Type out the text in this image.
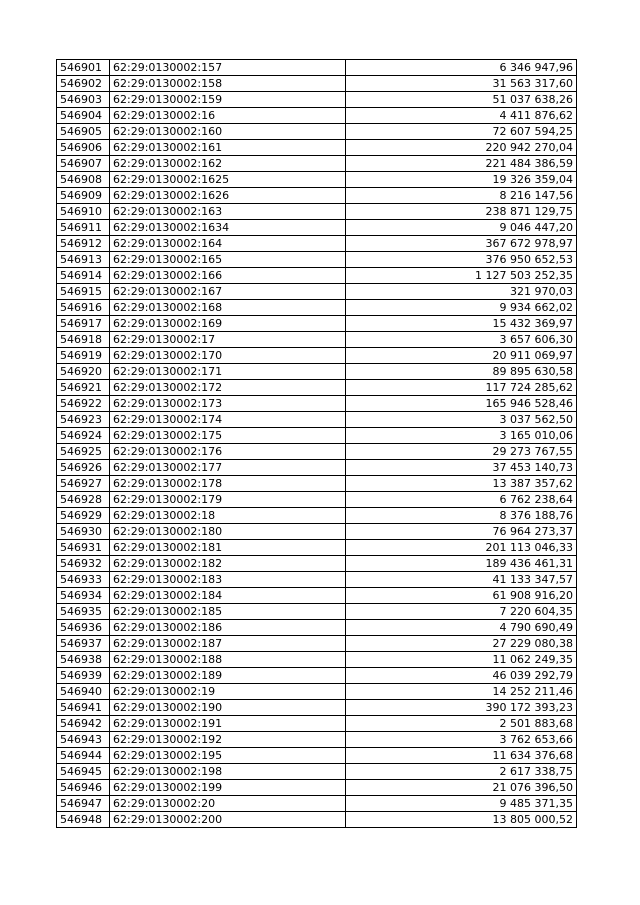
546901	62:29:0130002:157	6 346 947,96
546902	62:29:0130002:158	31 563 317,60
546903	62:29:0130002:159	51 037 638,26
546904	62:29:0130002:16	4 411 876,62
546905	62:29:0130002:160	72 607 594,25
546906	62:29:0130002:161	220 942 270,04
546907	62:29:0130002:162	221 484 386,59
546908	62:29:0130002:1625	19 326 359,04
546909	62:29:0130002:1626	8 216 147,56
546910	62:29:0130002:163	238 871 129,75
546911	62:29:0130002:1634	9 046 447,20
546912	62:29:0130002:164	367 672 978,97
546913	62:29:0130002:165	376 950 652,53
546914	62:29:0130002:166	1 127 503 252,35
546915	62:29:0130002:167	321 970,03
546916	62:29:0130002:168	9 934 662,02
546917	62:29:0130002:169	15 432 369,97
546918	62:29:0130002:17	3 657 606,30
546919	62:29:0130002:170	20 911 069,97
546920	62:29:0130002:171	89 895 630,58
546921	62:29:0130002:172	117 724 285,62
546922	62:29:0130002:173	165 946 528,46
546923	62:29:0130002:174	3 037 562,50
546924	62:29:0130002:175	3 165 010,06
546925	62:29:0130002:176	29 273 767,55
546926	62:29:0130002:177	37 453 140,73
546927	62:29:0130002:178	13 387 357,62
546928	62:29:0130002:179	6 762 238,64
546929	62:29:0130002:18	8 376 188,76
546930	62:29:0130002:180	76 964 273,37
546931	62:29:0130002:181	201 113 046,33
546932	62:29:0130002:182	189 436 461,31
546933	62:29:0130002:183	41 133 347,57
546934	62:29:0130002:184	61 908 916,20
546935	62:29:0130002:185	7 220 604,35
546936	62:29:0130002:186	4 790 690,49
546937	62:29:0130002:187	27 229 080,38
546938	62:29:0130002:188	11 062 249,35
546939	62:29:0130002:189	46 039 292,79
546940	62:29:0130002:19	14 252 211,46
546941	62:29:0130002:190	390 172 393,23
546942	62:29:0130002:191	2 501 883,68
546943	62:29:0130002:192	3 762 653,66
546944	62:29:0130002:195	11 634 376,68
546945	62:29:0130002:198	2 617 338,75
546946	62:29:0130002:199	21 076 396,50
546947	62:29:0130002:20	9 485 371,35
546948	62:29:0130002:200	13 805 000,52
